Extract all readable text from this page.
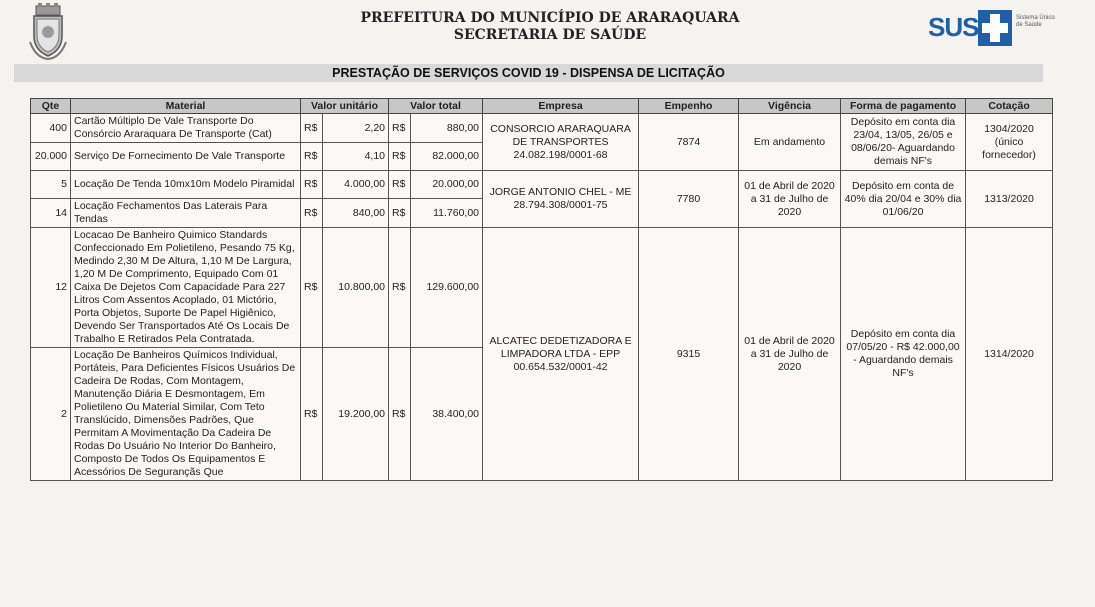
PREFEITURA DO MUNICÍPIO DE ARARAQUARA
SECRETARIA DE SAÚDE	SUS	Sistema Único de Saúde
PRESTAÇÃO DE SERVIÇOS COVID 19 - DISPENSA DE LICITAÇÃO
Qte	Material	Valor unitário		Valor total		Empresa	Empenho	Vigência	Forma de pagamento	Cotação
400	Cartão Múltiplo De Vale Transporte Do Consórcio Araraquara De Transporte (Cat)	R$	2,20	R$	880,00	CONSORCIO ARARAQUARA DE TRANSPORTES 24.082.198/0001-68	7874	Em andamento	Depósito em conta dia 23/04, 13/05, 26/05 e 08/06/20- Aguardando demais NF's	1304/2020 (único fornecedor)
20.000	Serviço De Fornecimento De Vale Transporte	R$	4,10	R$	82.000,00					
5	Locação De Tenda 10mx10m Modelo Piramidal	R$	4.000,00	R$	20.000,00	JORGE ANTONIO CHEL - ME 28.794.308/0001-75	7780	01 de Abril de 2020 a 31 de Julho de 2020	Depósito em conta de 40% dia 20/04 e 30% dia 01/06/20	1313/2020
14	Locação Fechamentos Das Laterais Para Tendas	R$	840,00	R$	11.760,00					
12	Locacao De Banheiro Quimico Standards Confeccionado Em Polietileno, Pesando 75 Kg, Medindo 2,30 M De Altura, 1,10 M De Largura, 1,20 M De Comprimento, Equipado Com 01 Caixa De Dejetos Com Capacidade Para 227 Litros Com Assentos Acoplado, 01 Mictório, Porta Objetos, Suporte De Papel Higiênico, Devendo Ser Transportados Até Os Locais De Trabalho E Retirados Pela Contratada.	R$	10.800,00	R$	129.600,00	ALCATEC DEDETIZADORA E LIMPADORA LTDA - EPP 00.654.532/0001-42	9315	01 de Abril de 2020 a 31 de Julho de 2020	Depósito em conta dia 07/05/20 - R$ 42.000,00 - Aguardando demais NF's	1314/2020
2	Locação De Banheiros Químicos Individual, Portáteis, Para Deficientes Físicos Usuários De Cadeira De Rodas, Com Montagem, Manutenção Diária E Desmontagem, Em Polietileno Ou Material Similar, Com Teto Translúcido, Dimensões Padrões, Que Permitam A Movimentação Da Cadeira De Rodas Do Usuário No Interior Do Banheiro, Composto De Todos Os Equipamentos E Acessórios De Segurançãs Que	R$	19.200,00	R$	38.400,00					
